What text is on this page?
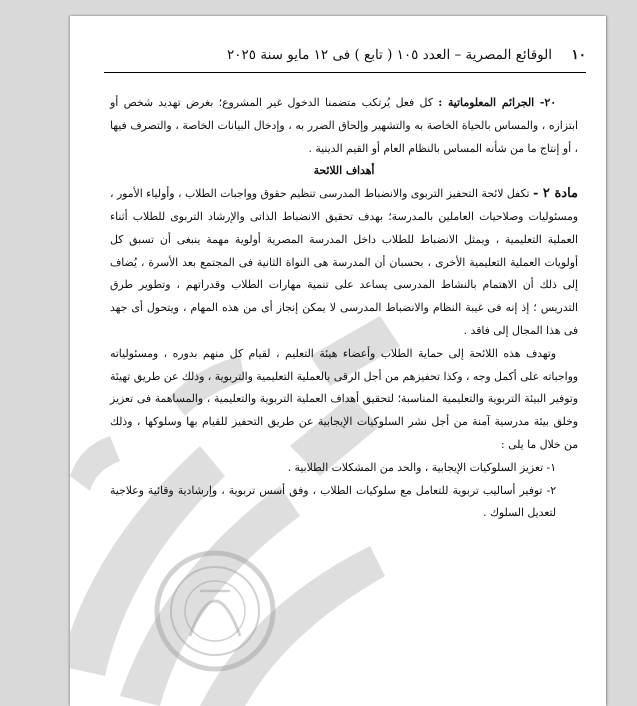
١٠
الوقائع المصرية – العدد ١٠٥ ( تابع ) فى ١٢ مايو سنة ٢٠٢٥

٢٠- الجرائم المعلوماتية : كل فعل يُرتكب متضمنا الدخول غير المشروع؛ بغرض تهديد شخص أو ابتزازه ، والمساس بالحياة الخاصة به والتشهير وإلحاق الضرر به ، وإدخال البيانات الخاصة ، والتصرف فيها ، أو إنتاج ما من شأنه المساس بالنظام العام أو القيم الدينية .

أهداف اللائحة

مادة ٢ - تكفل لائحة التحفيز التربوى والانضباط المدرسى تنظيم حقوق وواجبات الطلاب ، وأولياء الأمور ، ومسئوليات وصلاحيات العاملين بالمدرسة؛ بهدف تحقيق الانضباط الذاتى والإرشاد التربوى للطلاب أثناء العملية التعليمية ، ويمثل الانضباط للطلاب داخل المدرسة المصرية أولوية مهمة ينبغى أن تسبق كل أولويات العملية التعليمية الأخرى ، بحسبان أن المدرسة هى النواة الثانية فى المجتمع بعد الأسرة ، يُضاف إلى ذلك أن الاهتمام بالنشاط المدرسى يساعد على تنمية مهارات الطلاب وقدراتهم ، وتطوير طرق التدريس ؛ إذ إنه فى غيبة النظام والانضباط المدرسى لا يمكن إنجاز أى من هذه المهام ، ويتحول أى جهد فى هذا المجال إلى فاقد .

وتهدف هذه اللائحة إلى حماية الطلاب وأعضاء هيئة التعليم ، لقيام كل منهم بدوره ، ومسئولياته وواجباته على أكمل وجه ، وكذا تحفيزهم من أجل الرقى بالعملية التعليمية والتربوية ، وذلك عن طريق تهيئة وتوفير البيئة التربوية والتعليمية المناسبة؛ لتحقيق أهداف العملية التربوية والتعليمية ، والمساهمة فى تعزيز وخلق بيئة مدرسية آمنة من أجل نشر السلوكيات الإيجابية عن طريق التحفيز للقيام بها وسلوكها ، وذلك من خلال ما يلى :

١- تعزيز السلوكيات الإيجابية ، والحد من المشكلات الطلابية .

٢- توفير أساليب تربوية للتعامل مع سلوكيات الطلاب ، وفق أسس تربوية ، وإرشادية وقائية وعلاجية لتعديل السلوك .
